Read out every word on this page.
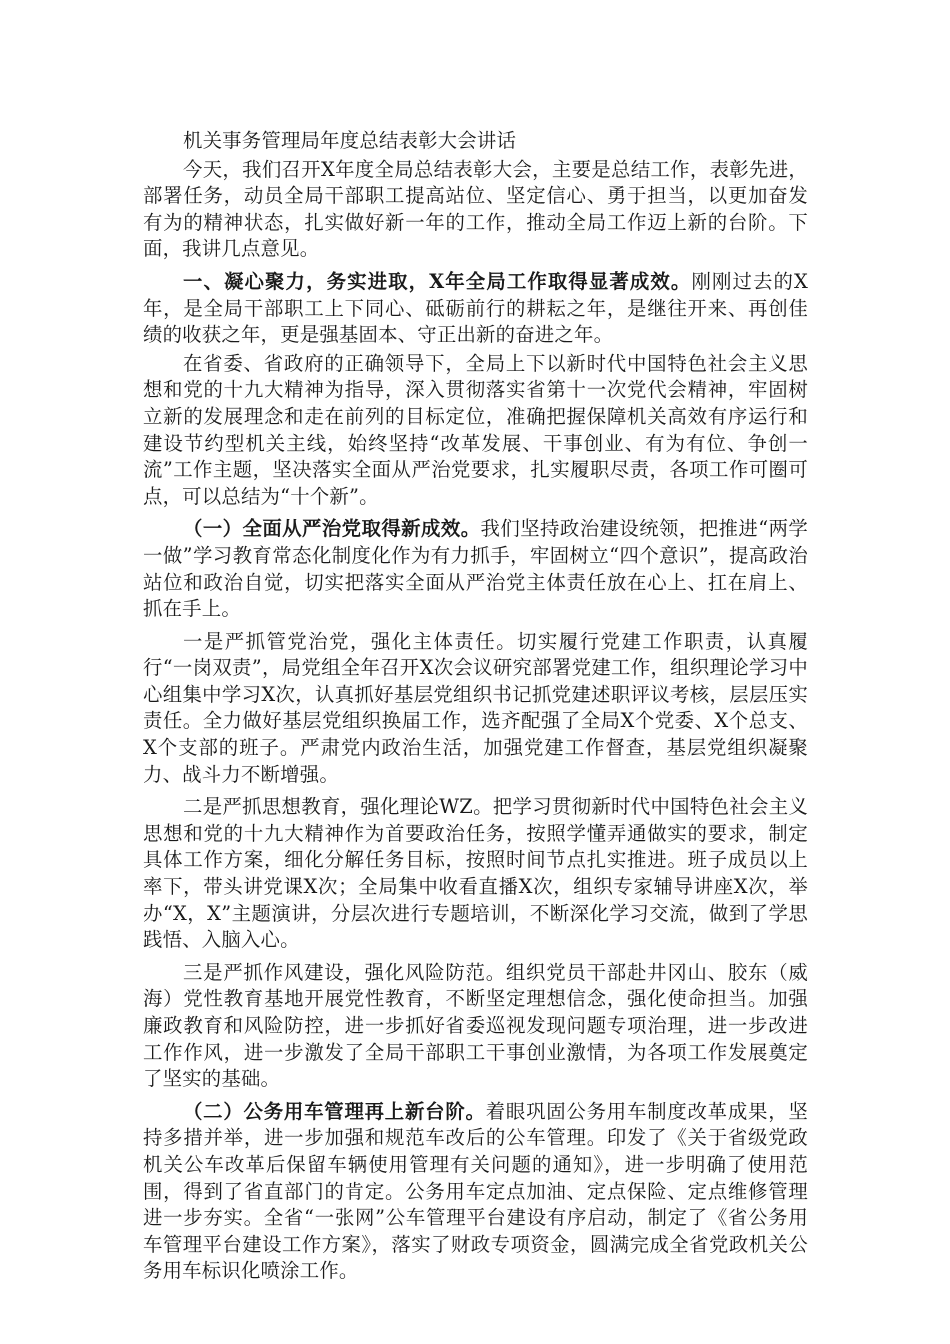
机关事务管理局年度总结表彰大会讲话

今天，我们召开X年度全局总结表彰大会，主要是总结工作，表彰先进，部署任务，动员全局干部职工提高站位、坚定信心、勇于担当，以更加奋发有为的精神状态，扎实做好新一年的工作，推动全局工作迈上新的台阶。下面，我讲几点意见。

一、凝心聚力，务实进取，X年全局工作取得显著成效。刚刚过去的X年，是全局干部职工上下同心、砥砺前行的耕耘之年，是继往开来、再创佳绩的收获之年，更是强基固本、守正出新的奋进之年。

在省委、省政府的正确领导下，全局上下以新时代中国特色社会主义思想和党的十九大精神为指导，深入贯彻落实省第十一次党代会精神，牢固树立新的发展理念和走在前列的目标定位，准确把握保障机关高效有序运行和建设节约型机关主线，始终坚持“改革发展、干事创业、有为有位、争创一流”工作主题，坚决落实全面从严治党要求，扎实履职尽责，各项工作可圈可点，可以总结为“十个新”。

（一）全面从严治党取得新成效。我们坚持政治建设统领，把推进“两学一做”学习教育常态化制度化作为有力抓手，牢固树立“四个意识”，提高政治站位和政治自觉，切实把落实全面从严治党主体责任放在心上、扛在肩上、抓在手上。

一是严抓管党治党，强化主体责任。切实履行党建工作职责，认真履行“一岗双责”，局党组全年召开X次会议研究部署党建工作，组织理论学习中心组集中学习X次，认真抓好基层党组织书记抓党建述职评议考核，层层压实责任。全力做好基层党组织换届工作，选齐配强了全局X个党委、X个总支、X个支部的班子。严肃党内政治生活，加强党建工作督查，基层党组织凝聚力、战斗力不断增强。

二是严抓思想教育，强化理论WZ。把学习贯彻新时代中国特色社会主义思想和党的十九大精神作为首要政治任务，按照学懂弄通做实的要求，制定具体工作方案，细化分解任务目标，按照时间节点扎实推进。班子成员以上率下，带头讲党课X次；全局集中收看直播X次，组织专家辅导讲座X次，举办“X，X”主题演讲，分层次进行专题培训，不断深化学习交流，做到了学思践悟、入脑入心。

三是严抓作风建设，强化风险防范。组织党员干部赴井冈山、胶东（威海）党性教育基地开展党性教育，不断坚定理想信念，强化使命担当。加强廉政教育和风险防控，进一步抓好省委巡视发现问题专项治理，进一步改进工作作风，进一步激发了全局干部职工干事创业激情，为各项工作发展奠定了坚实的基础。

（二）公务用车管理再上新台阶。着眼巩固公务用车制度改革成果，坚持多措并举，进一步加强和规范车改后的公车管理。印发了《关于省级党政机关公车改革后保留车辆使用管理有关问题的通知》，进一步明确了使用范围，得到了省直部门的肯定。公务用车定点加油、定点保险、定点维修管理进一步夯实。全省“一张网”公车管理平台建设有序启动，制定了《省公务用车管理平台建设工作方案》，落实了财政专项资金，圆满完成全省党政机关公务用车标识化喷涂工作。
